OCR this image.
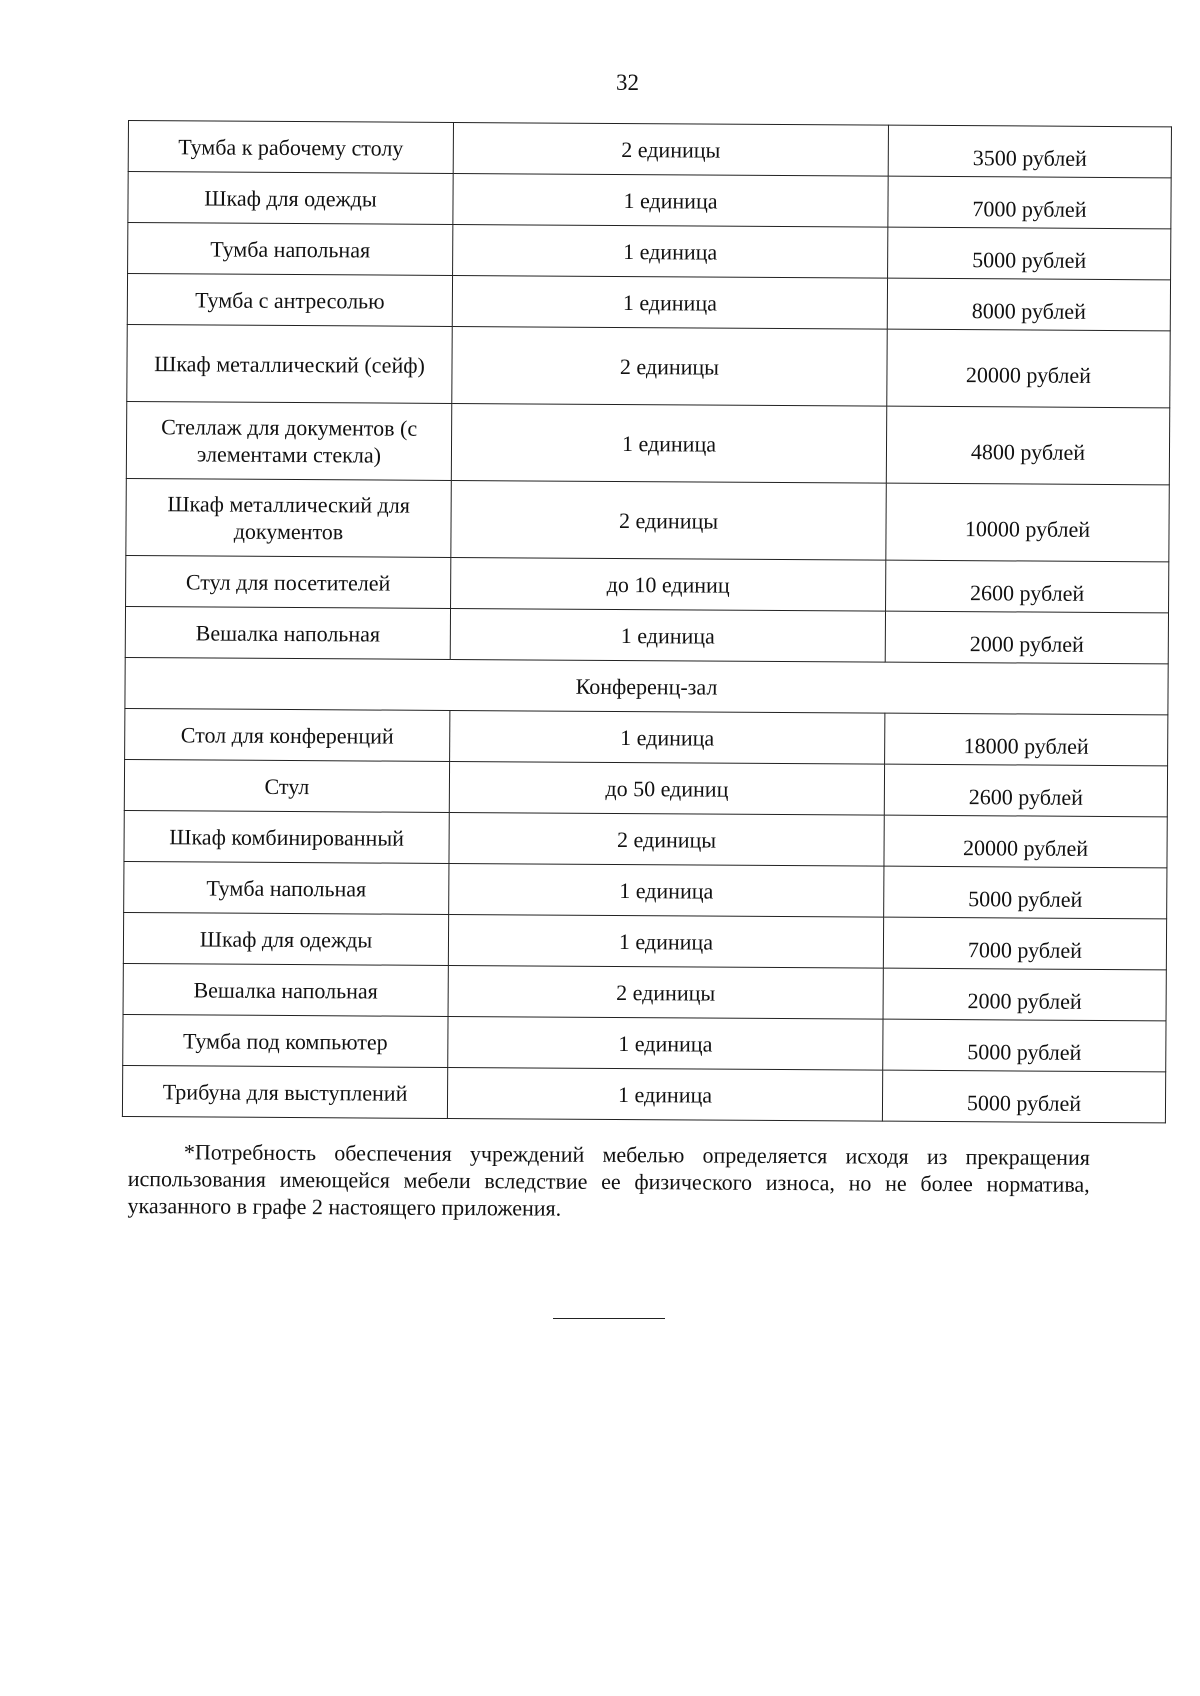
32
Тумба к рабочему столу	2 единицы	3500 рублей
Шкаф для одежды	1 единица	7000 рублей
Тумба напольная	1 единица	5000 рублей
Тумба с антресолью	1 единица	8000 рублей
Шкаф металлический (сейф)	2 единицы	20000 рублей
Стеллаж для документов (с элементами стекла)	1 единица	4800 рублей
Шкаф металлический для документов	2 единицы	10000 рублей
Стул для посетителей	до 10 единиц	2600 рублей
Вешалка напольная	1 единица	2000 рублей
Конференц-зал		
Стол для конференций	1 единица	18000 рублей
Стул	до 50 единиц	2600 рублей
Шкаф комбинированный	2 единицы	20000 рублей
Тумба напольная	1 единица	5000 рублей
Шкаф для одежды	1 единица	7000 рублей
Вешалка напольная	2 единицы	2000 рублей
Тумба под компьютер	1 единица	5000 рублей
Трибуна для выступлений	1 единица	5000 рублей
*Потребность обеспечения учреждений мебелью определяется исходя из прекращения использования имеющейся мебели вследствие ее физического износа, но не более норматива, указанного в графе 2 настоящего приложения.
